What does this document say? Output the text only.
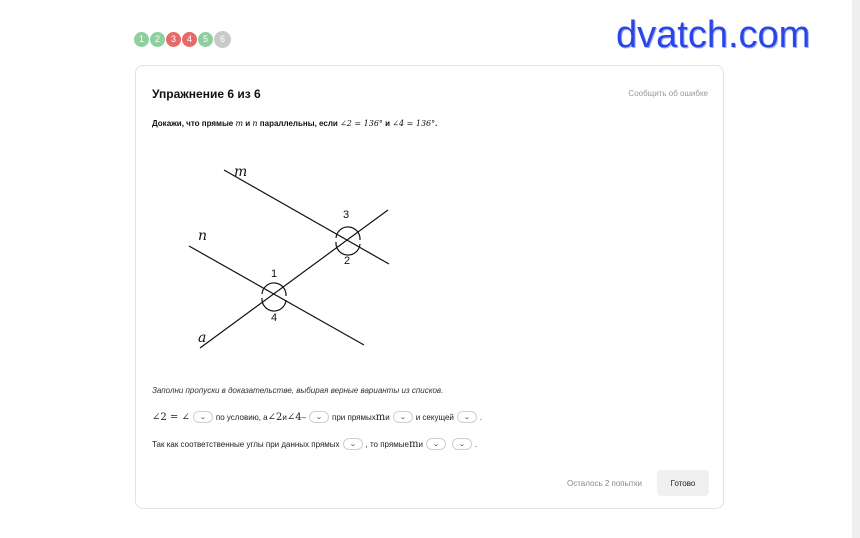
1	2	3	4	5	6	dvatch.com
Упражнение 6 из 6	Сообщить об ошибке
Докажи, что прямые m и n параллельны, если ∠2 = 136° и ∠4 = 136°.
m
n
a
3
2
1
4
Заполни пропуски в доказательстве, выбирая верные варианты из списков.
∠2 = ∠ ⌄ по условию, а ∠2 и ∠4 – ⌄ при прямых m и ⌄ и секущей ⌄ .
Так как соответственные углы при данных прямых ⌄ , то прямые m и ⌄	⌄ .
Осталось 2 попытки	Готово
